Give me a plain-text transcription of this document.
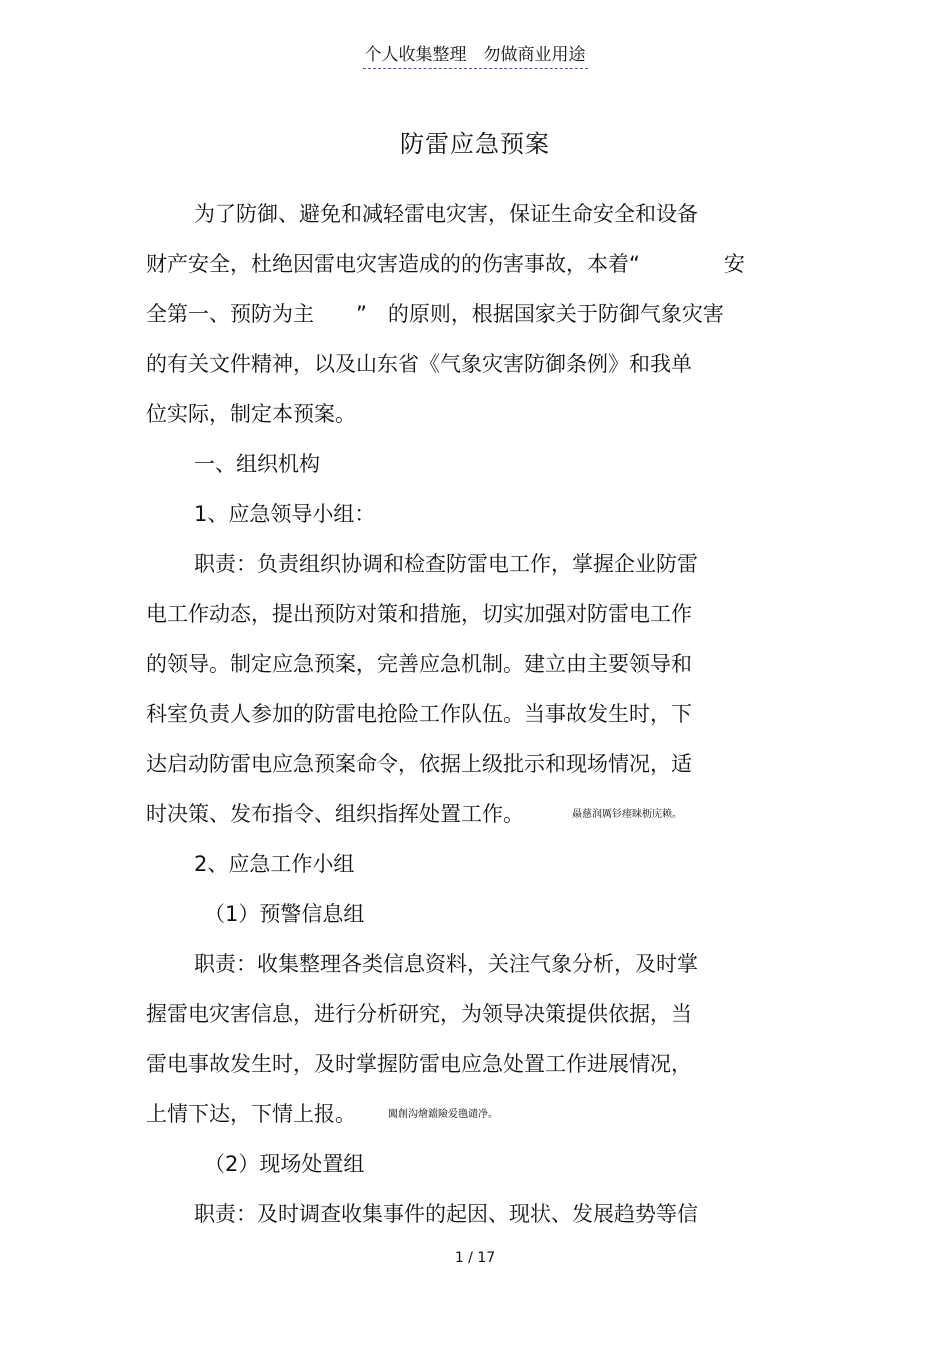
个人收集整理　勿做商业用途
防雷应急预案
为了防御、避免和减轻雷电灾害，保证生命安全和设备
财产安全，杜绝因雷电灾害造成的的伤害事故，本着“　　　　安
全第一、预防为主　　”　的原则，根据国家关于防御气象灾害
的有关文件精神，以及山东省《气象灾害防御条例》和我单
位实际，制定本预案。
一、组织机构
1、应急领导小组：
职责：负责组织协调和检查防雷电工作，掌握企业防雷
电工作动态，提出预防对策和措施，切实加强对防雷电工作
的领导。制定应急预案，完善应急机制。建立由主要领导和
科室负责人参加的防雷电抢险工作队伍。当事故发生时，下
达启动防雷电应急预案命令，依据上级批示和现场情况，适
时决策、发布指令、组织指挥处置工作。	赑慈润厲钐瘗睐枥庑赖。
2、应急工作小组
（1）预警信息组
职责：收集整理各类信息资料，关注气象分析，及时掌
握雷电灾害信息，进行分析研究，为领导决策提供依据，当
雷电事故发生时，及时掌握防雷电应急处置工作进展情况，
上情下达，下情上报。	闖創沟燴鐺險爱氇谴净。
（2）现场处置组
职责：及时调查收集事件的起因、现状、发展趋势等信
1 / 17
